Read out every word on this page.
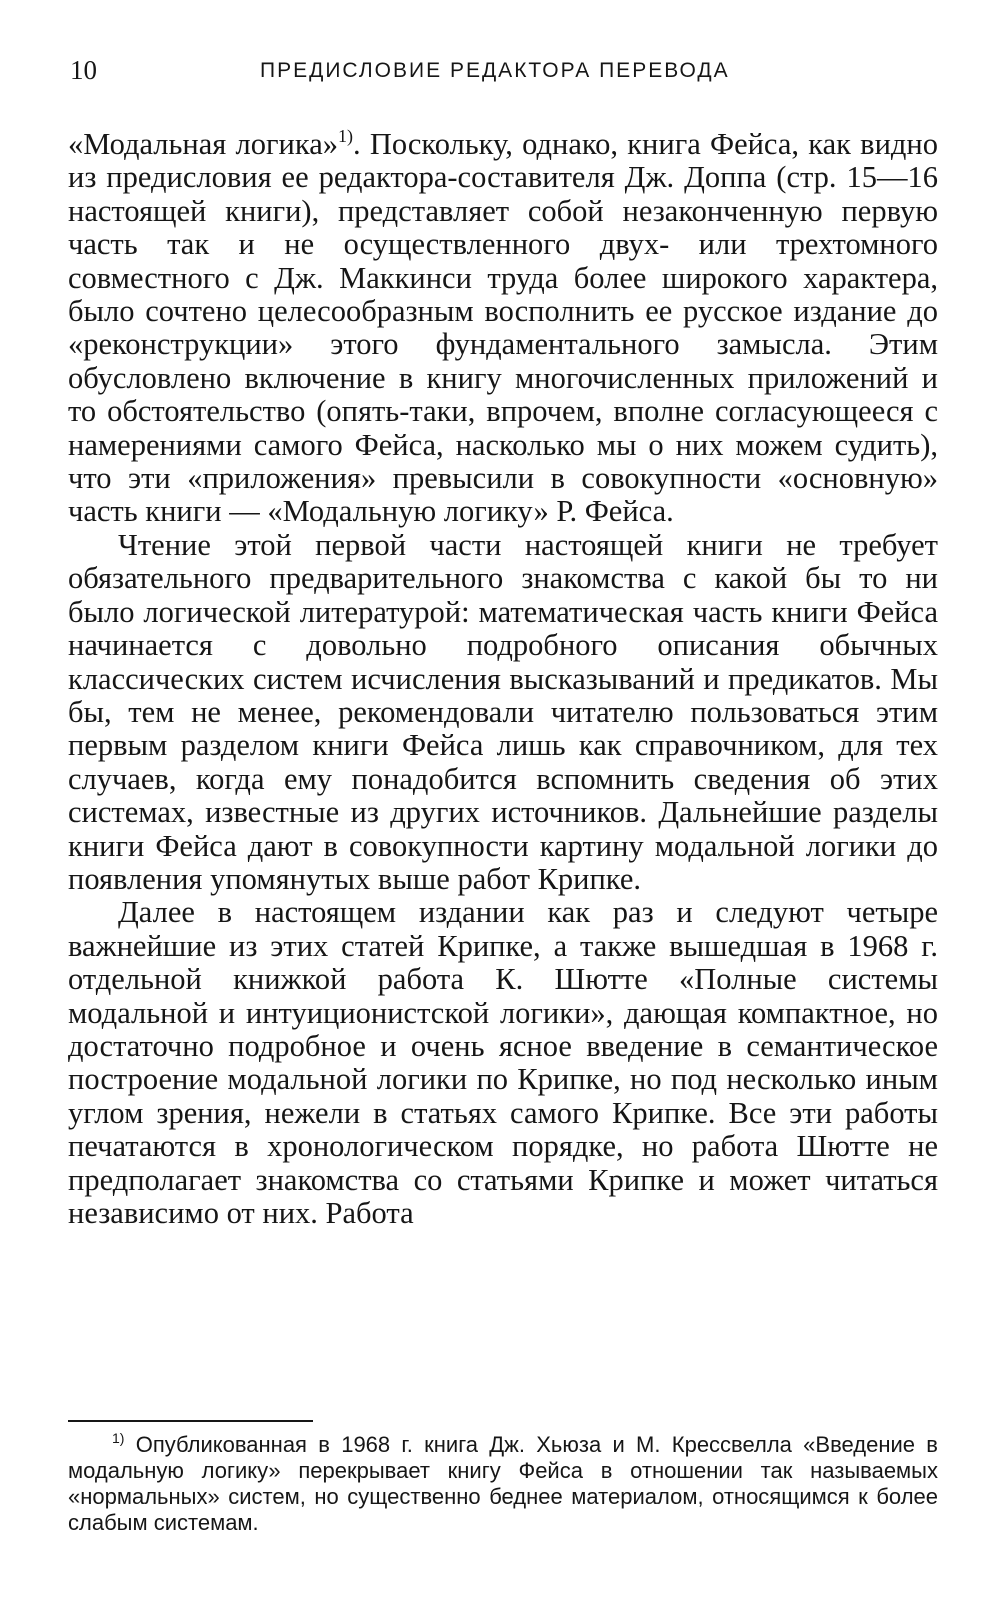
10	ПРЕДИСЛОВИЕ РЕДАКТОРА ПЕРЕВОДА

«Модальная логика»$^{1)}$. Поскольку, однако, книга Фейса, как видно из предисловия ее редактора-составителя Дж. Доппа (стр. 15—16 настоящей книги), представляет собой незаконченную первую часть так и не осуществленного двух- или трехтомного совместного с Дж. Маккинси труда более широкого характера, было сочтено целесообразным восполнить ее русское издание до «реконструкции» этого фундаментального замысла. Этим обусловлено включение в книгу многочисленных приложений и то обстоятельство (опять-таки, впрочем, вполне согласующееся с намерениями самого Фейса, насколько мы о них можем судить), что эти «приложения» превысили в совокупности «основную» часть книги — «Модальную логику» Р. Фейса.

Чтение этой первой части настоящей книги не требует обязательного предварительного знакомства с какой бы то ни было логической литературой: математическая часть книги Фейса начинается с довольно подробного описания обычных классических систем исчисления высказываний и предикатов. Мы бы, тем не менее, рекомендовали читателю пользоваться этим первым разделом книги Фейса лишь как справочником, для тех случаев, когда ему понадобится вспомнить сведения об этих системах, известные из других источников. Дальнейшие разделы книги Фейса дают в совокупности картину модальной логики до появления упомянутых выше работ Крипке.

Далее в настоящем издании как раз и следуют четыре важнейшие из этих статей Крипке, а также вышедшая в 1968 г. отдельной книжкой работа К. Шютте «Полные системы модальной и интуиционистской логики», дающая компактное, но достаточно подробное и очень ясное введение в семантическое построение модальной логики по Крипке, но под несколько иным углом зрения, нежели в статьях самого Крипке. Все эти работы печатаются в хронологическом порядке, но работа Шютте не предполагает знакомства со статьями Крипке и может читаться независимо от них. Работа

$^{1)}$ Опубликованная в 1968 г. книга Дж. Хьюза и М. Крессвелла «Введение в модальную логику» перекрывает книгу Фейса в отношении так называемых «нормальных» систем, но существенно беднее материалом, относящимся к более слабым системам.
